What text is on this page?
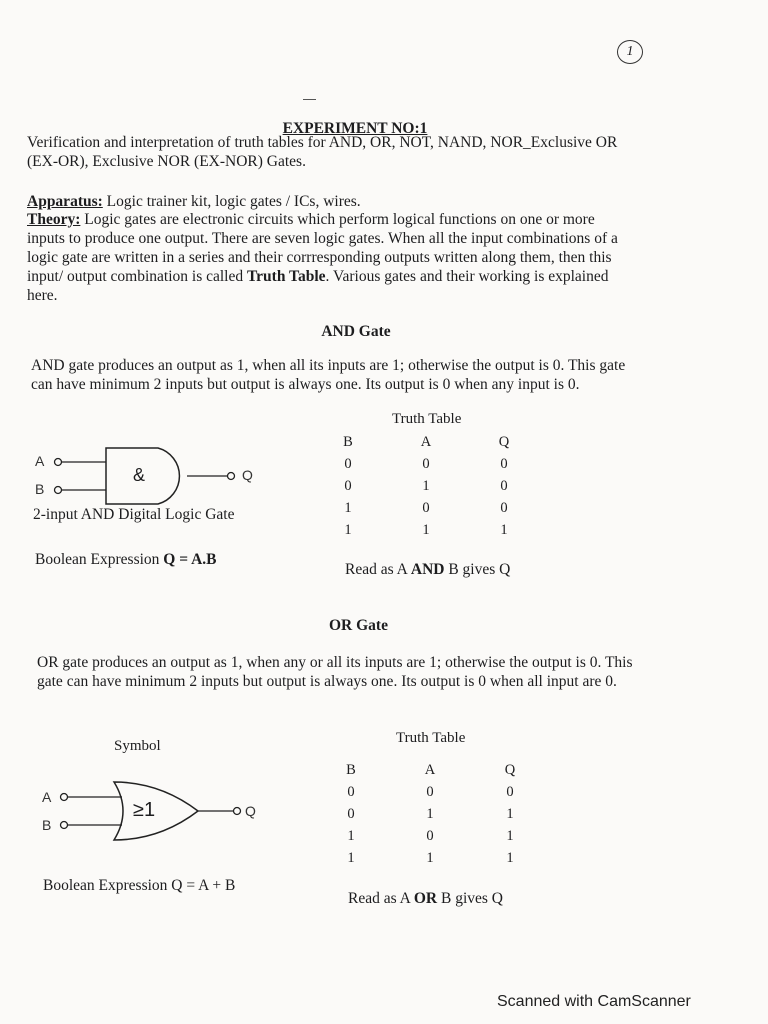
1
EXPERIMENT NO:1

Verification and interpretation of truth tables for AND, OR, NOT, NAND, NOR_Exclusive OR

(EX-OR), Exclusive NOR (EX-NOR) Gates.

Apparatus: Logic trainer kit, logic gates / ICs, wires.

Theory: Logic gates are electronic circuits which perform logical functions on one or more

inputs to produce one output. There are seven logic gates. When all the input combinations of a

logic gate are written in a series and their corrresponding outputs written along them, then this

input/ output combination is called Truth Table. Various gates and their working is explained

here.

AND Gate

AND gate produces an output as 1, when all its inputs are 1; otherwise the output is 0. This gate

can have minimum 2 inputs but output is always one. Its output is 0 when any input is 0.

A
B
Q
&
2-input AND Digital Logic Gate
Boolean Expression Q = A.B
Truth Table
B
0
0
1
1
A
0
1
0
1
Q
0
0
0
1
Read as A AND B gives Q
OR Gate

OR gate produces an output as 1, when any or all its inputs are 1; otherwise the output is 0. This

gate can have minimum 2 inputs but output is always one. Its output is 0 when all input are 0.

Symbol
A
B
Q
≥1
Boolean Expression Q = A + B
Truth Table
B
0
0
1
1
A
0
1
0
1
Q
0
1
1
1
Read as A OR B gives Q
Scanned with CamScanner
